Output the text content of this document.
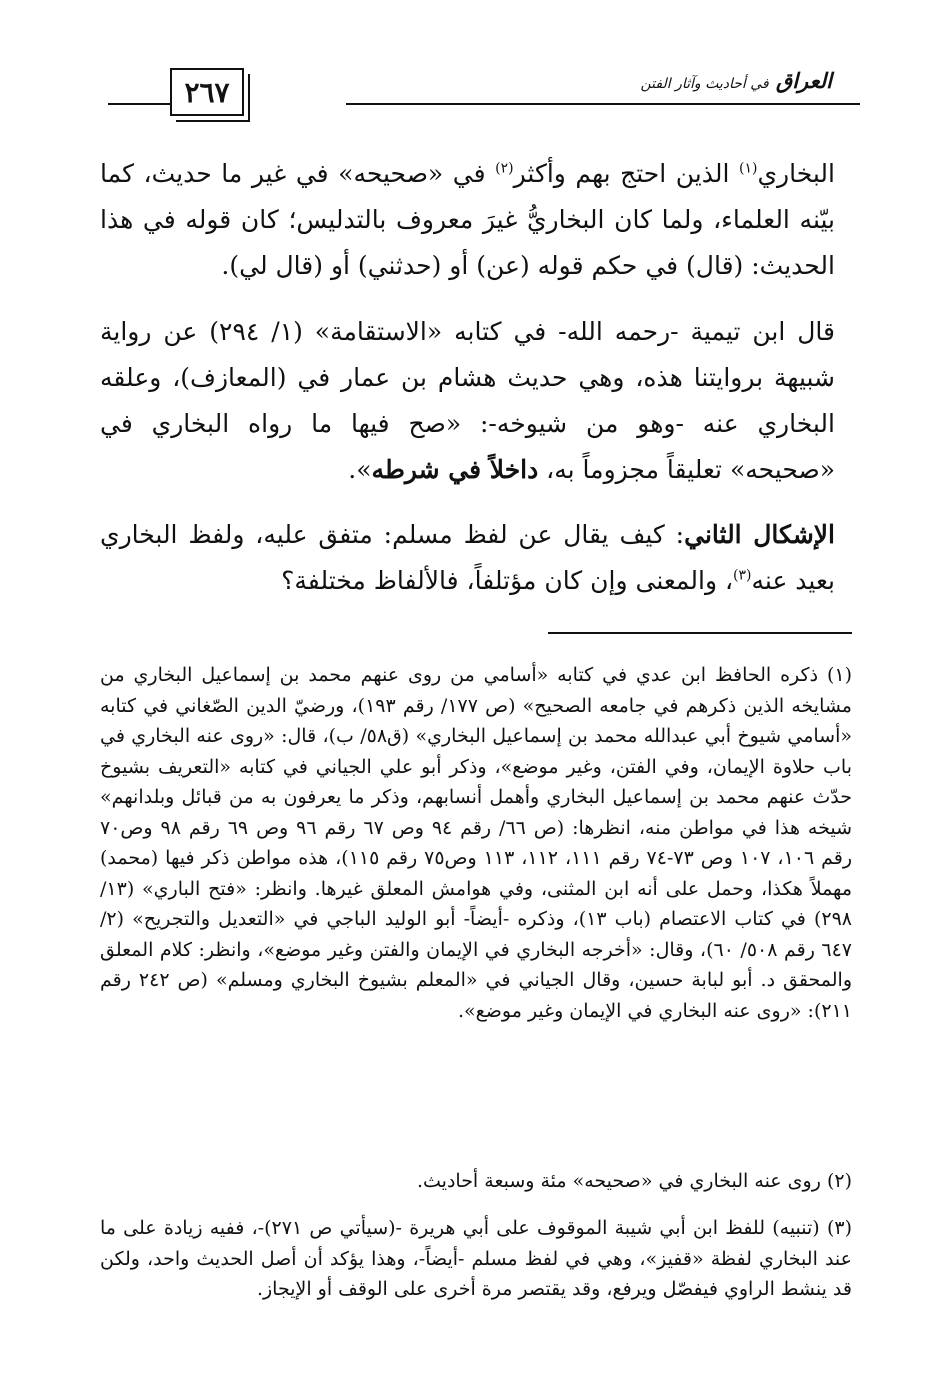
٢٦٧	العراق في أحاديث وآثار الفتن

البخاري$^{(١)}$ الذين احتج بهم وأكثر$^{(٢)}$ في «صحيحه» في غير ما حديث، كما بيّنه العلماء، ولما كان البخاريُّ غيرَ معروف بالتدليس؛ كان قوله في هذا الحديث: (قال) في حكم قوله (عن) أو (حدثني) أو (قال لي).

قال ابن تيمية -رحمه الله- في كتابه «الاستقامة» (١/ ٢٩٤) عن رواية شبيهة بروايتنا هذه، وهي حديث هشام بن عمار في (المعازف)، وعلقه البخاري عنه -وهو من شيوخه-: «صح فيها ما رواه البخاري في «صحيحه» تعليقاً مجزوماً به، داخلاً في شرطه».

الإشكال الثاني: كيف يقال عن لفظ مسلم: متفق عليه، ولفظ البخاري بعيد عنه$^{(٣)}$، والمعنى وإن كان مؤتلفاً، فالألفاظ مختلفة؟

(١) ذكره الحافظ ابن عدي في كتابه «أسامي من روى عنهم محمد بن إسماعيل البخاري من مشايخه الذين ذكرهم في جامعه الصحيح» (ص ١٧٧/ رقم ١٩٣)، ورضيّ الدين الصّغاني في كتابه «أسامي شيوخ أبي عبدالله محمد بن إسماعيل البخاري» (ق٥٨/ ب)، قال: «روى عنه البخاري في باب حلاوة الإيمان، وفي الفتن، وغير موضع»، وذكر أبو علي الجياني في كتابه «التعريف بشيوخ حدّث عنهم محمد بن إسماعيل البخاري وأهمل أنسابهم، وذكر ما يعرفون به من قبائل وبلدانهم» شيخه هذا في مواطن منه، انظرها: (ص ٦٦/ رقم ٩٤ وص ٦٧ رقم ٩٦ وص ٦٩ رقم ٩٨ وص٧٠ رقم ١٠٦، ١٠٧ وص ٧٣-٧٤ رقم ١١١، ١١٢، ١١٣ وص٧٥ رقم ١١٥)، هذه مواطن ذكر فيها (محمد) مهملاً هكذا، وحمل على أنه ابن المثنى، وفي هوامش المعلق غيرها. وانظر: «فتح الباري» (١٣/ ٢٩٨) في كتاب الاعتصام (باب ١٣)، وذكره -أيضاً- أبو الوليد الباجي في «التعديل والتجريح» (٢/ ٦٤٧ رقم ٥٠٨/ ٦٠)، وقال: «أخرجه البخاري في الإيمان والفتن وغير موضع»، وانظر: كلام المعلق والمحقق د. أبو لبابة حسين، وقال الجياني في «المعلم بشيوخ البخاري ومسلم» (ص ٢٤٢ رقم ٢١١): «روى عنه البخاري في الإيمان وغير موضع».

(٢) روى عنه البخاري في «صحيحه» مئة وسبعة أحاديث.

(٣) (تنبيه) للفظ ابن أبي شيبة الموقوف على أبي هريرة -(سيأتي ص ٢٧١)-، ففيه زيادة على ما عند البخاري لفظة «قفيز»، وهي في لفظ مسلم -أيضاً-، وهذا يؤكد أن أصل الحديث واحد، ولكن قد ينشط الراوي فيفصّل ويرفع، وقد يقتصر مرة أخرى على الوقف أو الإيجاز.
